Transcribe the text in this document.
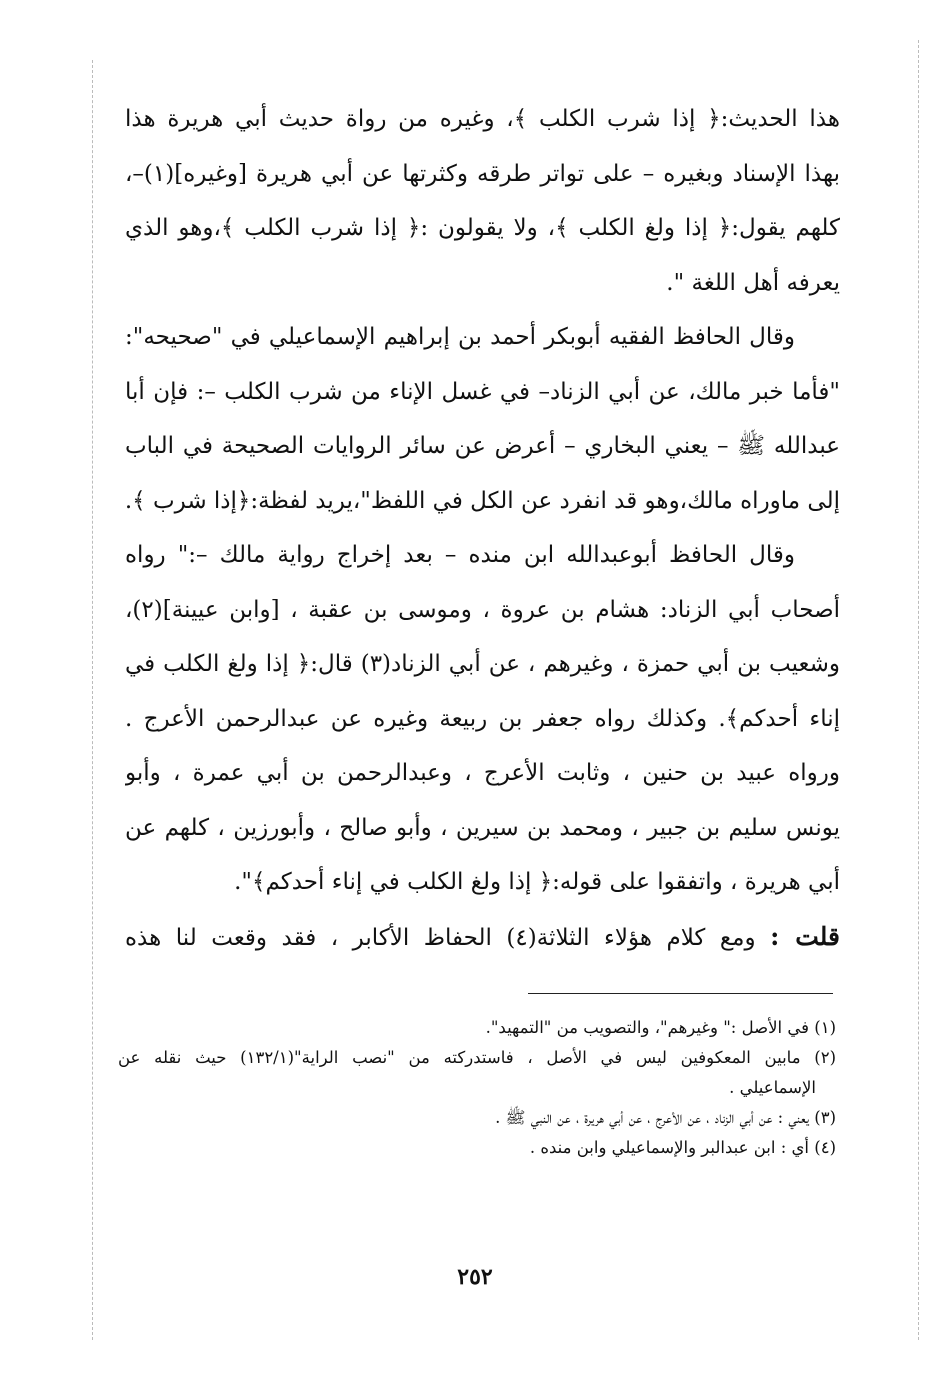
هذا الحديث:﴿ إذا شرب الكلب ﴾، وغيره من رواة حديث أبي هريرة هذا
بهذا الإسناد وبغيره – على تواتر طرقه وكثرتها عن أبي هريرة [وغيره](١)–،
كلهم يقول:﴿ إذا ولغ الكلب ﴾، ولا يقولون :﴿ إذا شرب الكلب ﴾،وهو الذي
يعرفه أهل اللغة ".
وقال الحافظ الفقيه أبوبكر أحمد بن إبراهيم الإسماعيلي في "صحيحه":
"فأما خبر مالك، عن أبي الزناد– في غسل الإناء من شرب الكلب –: فإن أبا
عبدالله ﷺ – يعني البخاري – أعرض عن سائر الروايات الصحيحة في الباب
إلى ماوراه مالك،وهو قد انفرد عن الكل في اللفظ"،يريد لفظة:﴿إذا شرب ﴾.
وقال الحافظ أبوعبدالله ابن منده – بعد إخراج رواية مالك –:" رواه
أصحاب أبي الزناد: هشام بن عروة ، وموسى بن عقبة ، [وابن عيينة](٢)،
وشعيب بن أبي حمزة ، وغيرهم ، عن أبي الزناد(٣) قال:﴿ إذا ولغ الكلب في
إناء أحدكم﴾. وكذلك رواه جعفر بن ربيعة وغيره عن عبدالرحمن الأعرج .
ورواه عبيد بن حنين ، وثابت الأعرج ، وعبدالرحمن بن أبي عمرة ، وأبو
يونس سليم بن جبير ، ومحمد بن سيرين ، وأبو صالح ، وأبورزين ، كلهم عن
أبي هريرة ، واتفقوا على قوله:﴿ إذا ولغ الكلب في إناء أحدكم﴾".
قلت : ومع كلام هؤلاء الثلاثة(٤) الحفاظ الأكابر ، فقد وقعت لنا هذه
(١) في الأصل :" وغيرهم"، والتصويب من "التمهيد".
(٢) مابين المعكوفين ليس في الأصل ، فاستدركته من "نصب الراية"(١٣٢/١) حيث نقله عن
الإسماعيلي .
(٣) يعني : عن أبي الزناد ، عن الأعرج ، عن أبي هريرة ، عن النبي ﷺ .
(٤) أي : ابن عبدالبر والإسماعيلي وابن منده .
٢٥٢
